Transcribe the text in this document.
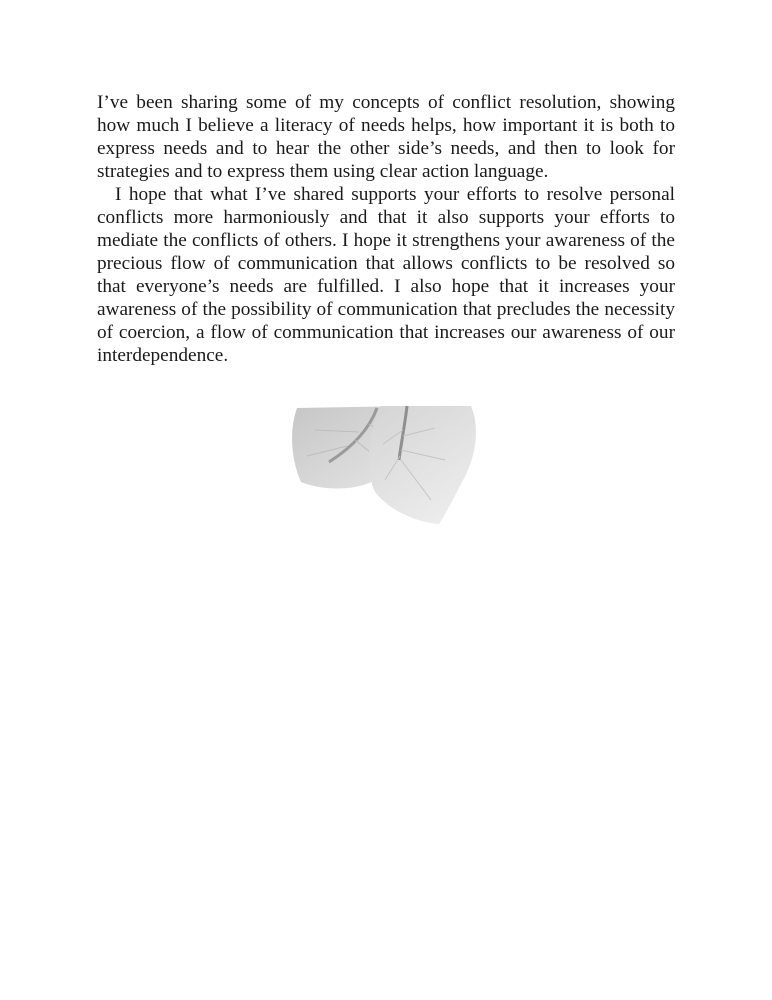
I’ve been sharing some of my concepts of conflict resolution, showing how much I believe a literacy of needs helps, how important it is both to express needs and to hear the other side’s needs, and then to look for strategies and to express them using clear action language.

I hope that what I’ve shared supports your efforts to resolve personal conflicts more harmoniously and that it also supports your efforts to mediate the conflicts of others. I hope it strengthens your awareness of the precious flow of communication that allows conflicts to be resolved so that everyone’s needs are fulfilled. I also hope that it increases your awareness of the possibility of communication that precludes the necessity of coercion, a flow of communication that increases our awareness of our interdependence.
